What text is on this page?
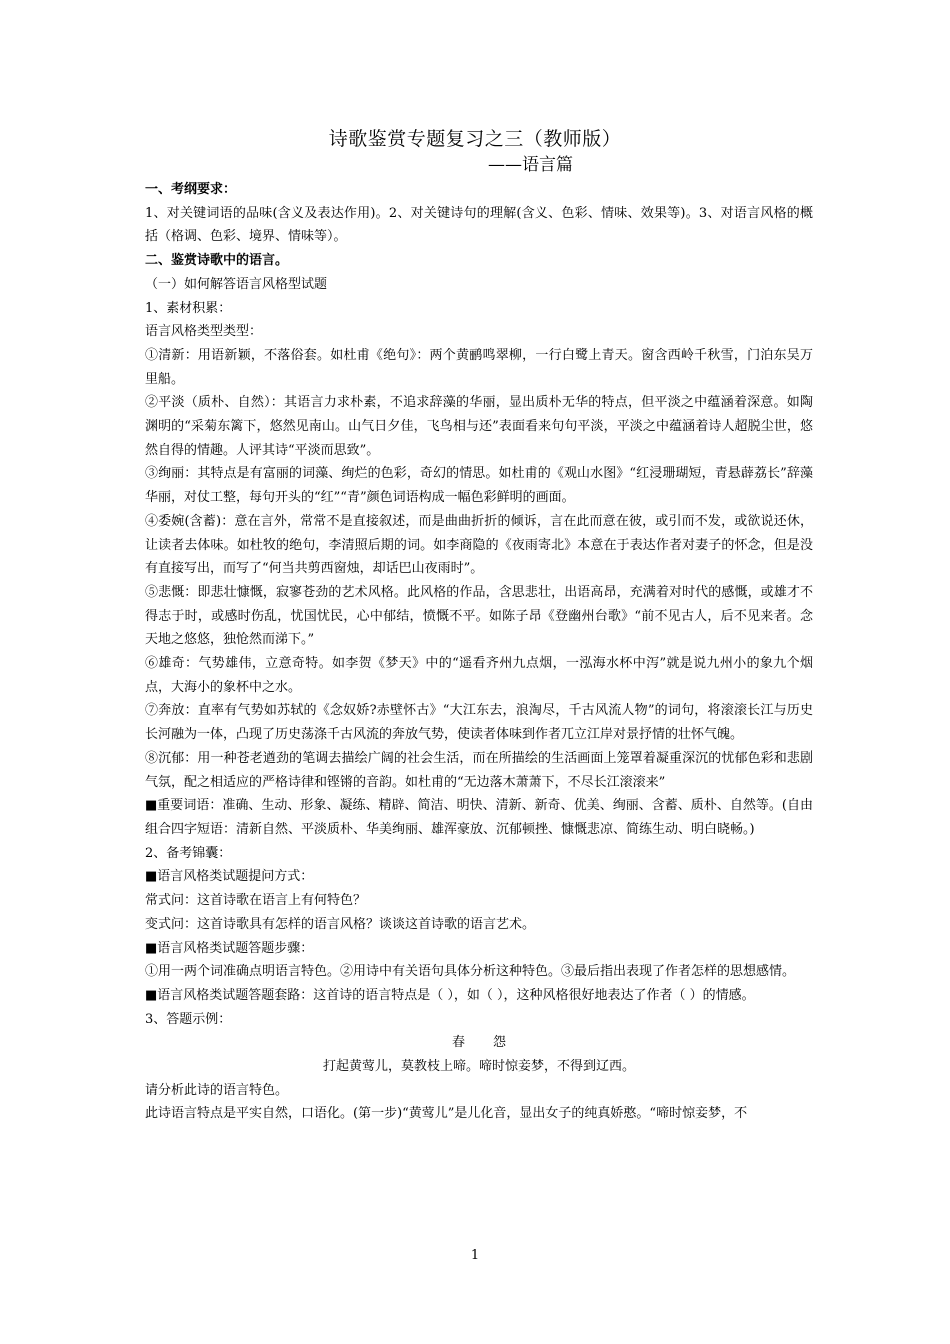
诗歌鉴赏专题复习之三（教师版）
——语言篇

一、考纲要求：

1、对关键词语的品味(含义及表达作用)。2、对关键诗句的理解(含义、色彩、情味、效果等)。3、对语言风格的概括（格调、色彩、境界、情味等）。

二、鉴赏诗歌中的语言。

（一）如何解答语言风格型试题

1、素材积累：

语言风格类型类型：

①清新：用语新颖，不落俗套。如杜甫《绝句》：两个黄鹂鸣翠柳，一行白鹭上青天。窗含西岭千秋雪，门泊东吴万里船。

②平淡（质朴、自然）：其语言力求朴素，不追求辞藻的华丽，显出质朴无华的特点，但平淡之中蕴涵着深意。如陶渊明的“采菊东篱下，悠然见南山。山气日夕佳，飞鸟相与还”表面看来句句平淡，平淡之中蕴涵着诗人超脱尘世，悠然自得的情趣。人评其诗“平淡而思致”。

③绚丽：其特点是有富丽的词藻、绚烂的色彩，奇幻的情思。如杜甫的《观山水图》“红浸珊瑚短，青悬薜荔长”辞藻华丽，对仗工整，每句开头的“红”“青”颜色词语构成一幅色彩鲜明的画面。

④委婉(含蓄)：意在言外，常常不是直接叙述，而是曲曲折折的倾诉，言在此而意在彼，或引而不发，或欲说还休，让读者去体味。如杜牧的绝句，李清照后期的词。如李商隐的《夜雨寄北》本意在于表达作者对妻子的怀念，但是没有直接写出，而写了“何当共剪西窗烛，却话巴山夜雨时”。

⑤悲慨：即悲壮慷慨，寂寥苍劲的艺术风格。此风格的作品，含思悲壮，出语高昂，充满着对时代的感慨，或雄才不得志于时，或感时伤乱，忧国忧民，心中郁结，愤慨不平。如陈子昂《登幽州台歌》“前不见古人，后不见来者。念天地之悠悠，独怆然而涕下。”

⑥雄奇：气势雄伟，立意奇特。如李贺《梦天》中的“遥看齐州九点烟，一泓海水杯中泻”就是说九州小的象九个烟点，大海小的象杯中之水。

⑦奔放：直率有气势如苏轼的《念奴娇?赤壁怀古》“大江东去，浪淘尽，千古风流人物”的词句，将滚滚长江与历史长河融为一体，凸现了历史荡涤千古风流的奔放气势，使读者体味到作者兀立江岸对景抒情的壮怀气魄。

⑧沉郁：用一种苍老遒劲的笔调去描绘广阔的社会生活，而在所描绘的生活画面上笼罩着凝重深沉的忧郁色彩和悲剧气氛，配之相适应的严格诗律和铿锵的音韵。如杜甫的“无边落木萧萧下，不尽长江滚滚来”

■重要词语：准确、生动、形象、凝练、精辟、简洁、明快、清新、新奇、优美、绚丽、含蓄、质朴、自然等。(自由组合四字短语：清新自然、平淡质朴、华美绚丽、雄浑豪放、沉郁顿挫、慷慨悲凉、简练生动、明白晓畅。)

2、备考锦囊：

■语言风格类试题提问方式：

常式问：这首诗歌在语言上有何特色？

变式问：这首诗歌具有怎样的语言风格？谈谈这首诗歌的语言艺术。

■语言风格类试题答题步骤：

①用一两个词准确点明语言特色。②用诗中有关语句具体分析这种特色。③最后指出表现了作者怎样的思想感情。

■语言风格类试题答题套路：这首诗的语言特点是（ ），如（ ），这种风格很好地表达了作者（ ）的情感。

3、答题示例：

春怨

打起黄莺儿，莫教枝上啼。啼时惊妾梦，不得到辽西。

请分析此诗的语言特色。

此诗语言特点是平实自然，口语化。(第一步)“黄莺儿”是儿化音，显出女子的纯真娇憨。“啼时惊妾梦，不

1
